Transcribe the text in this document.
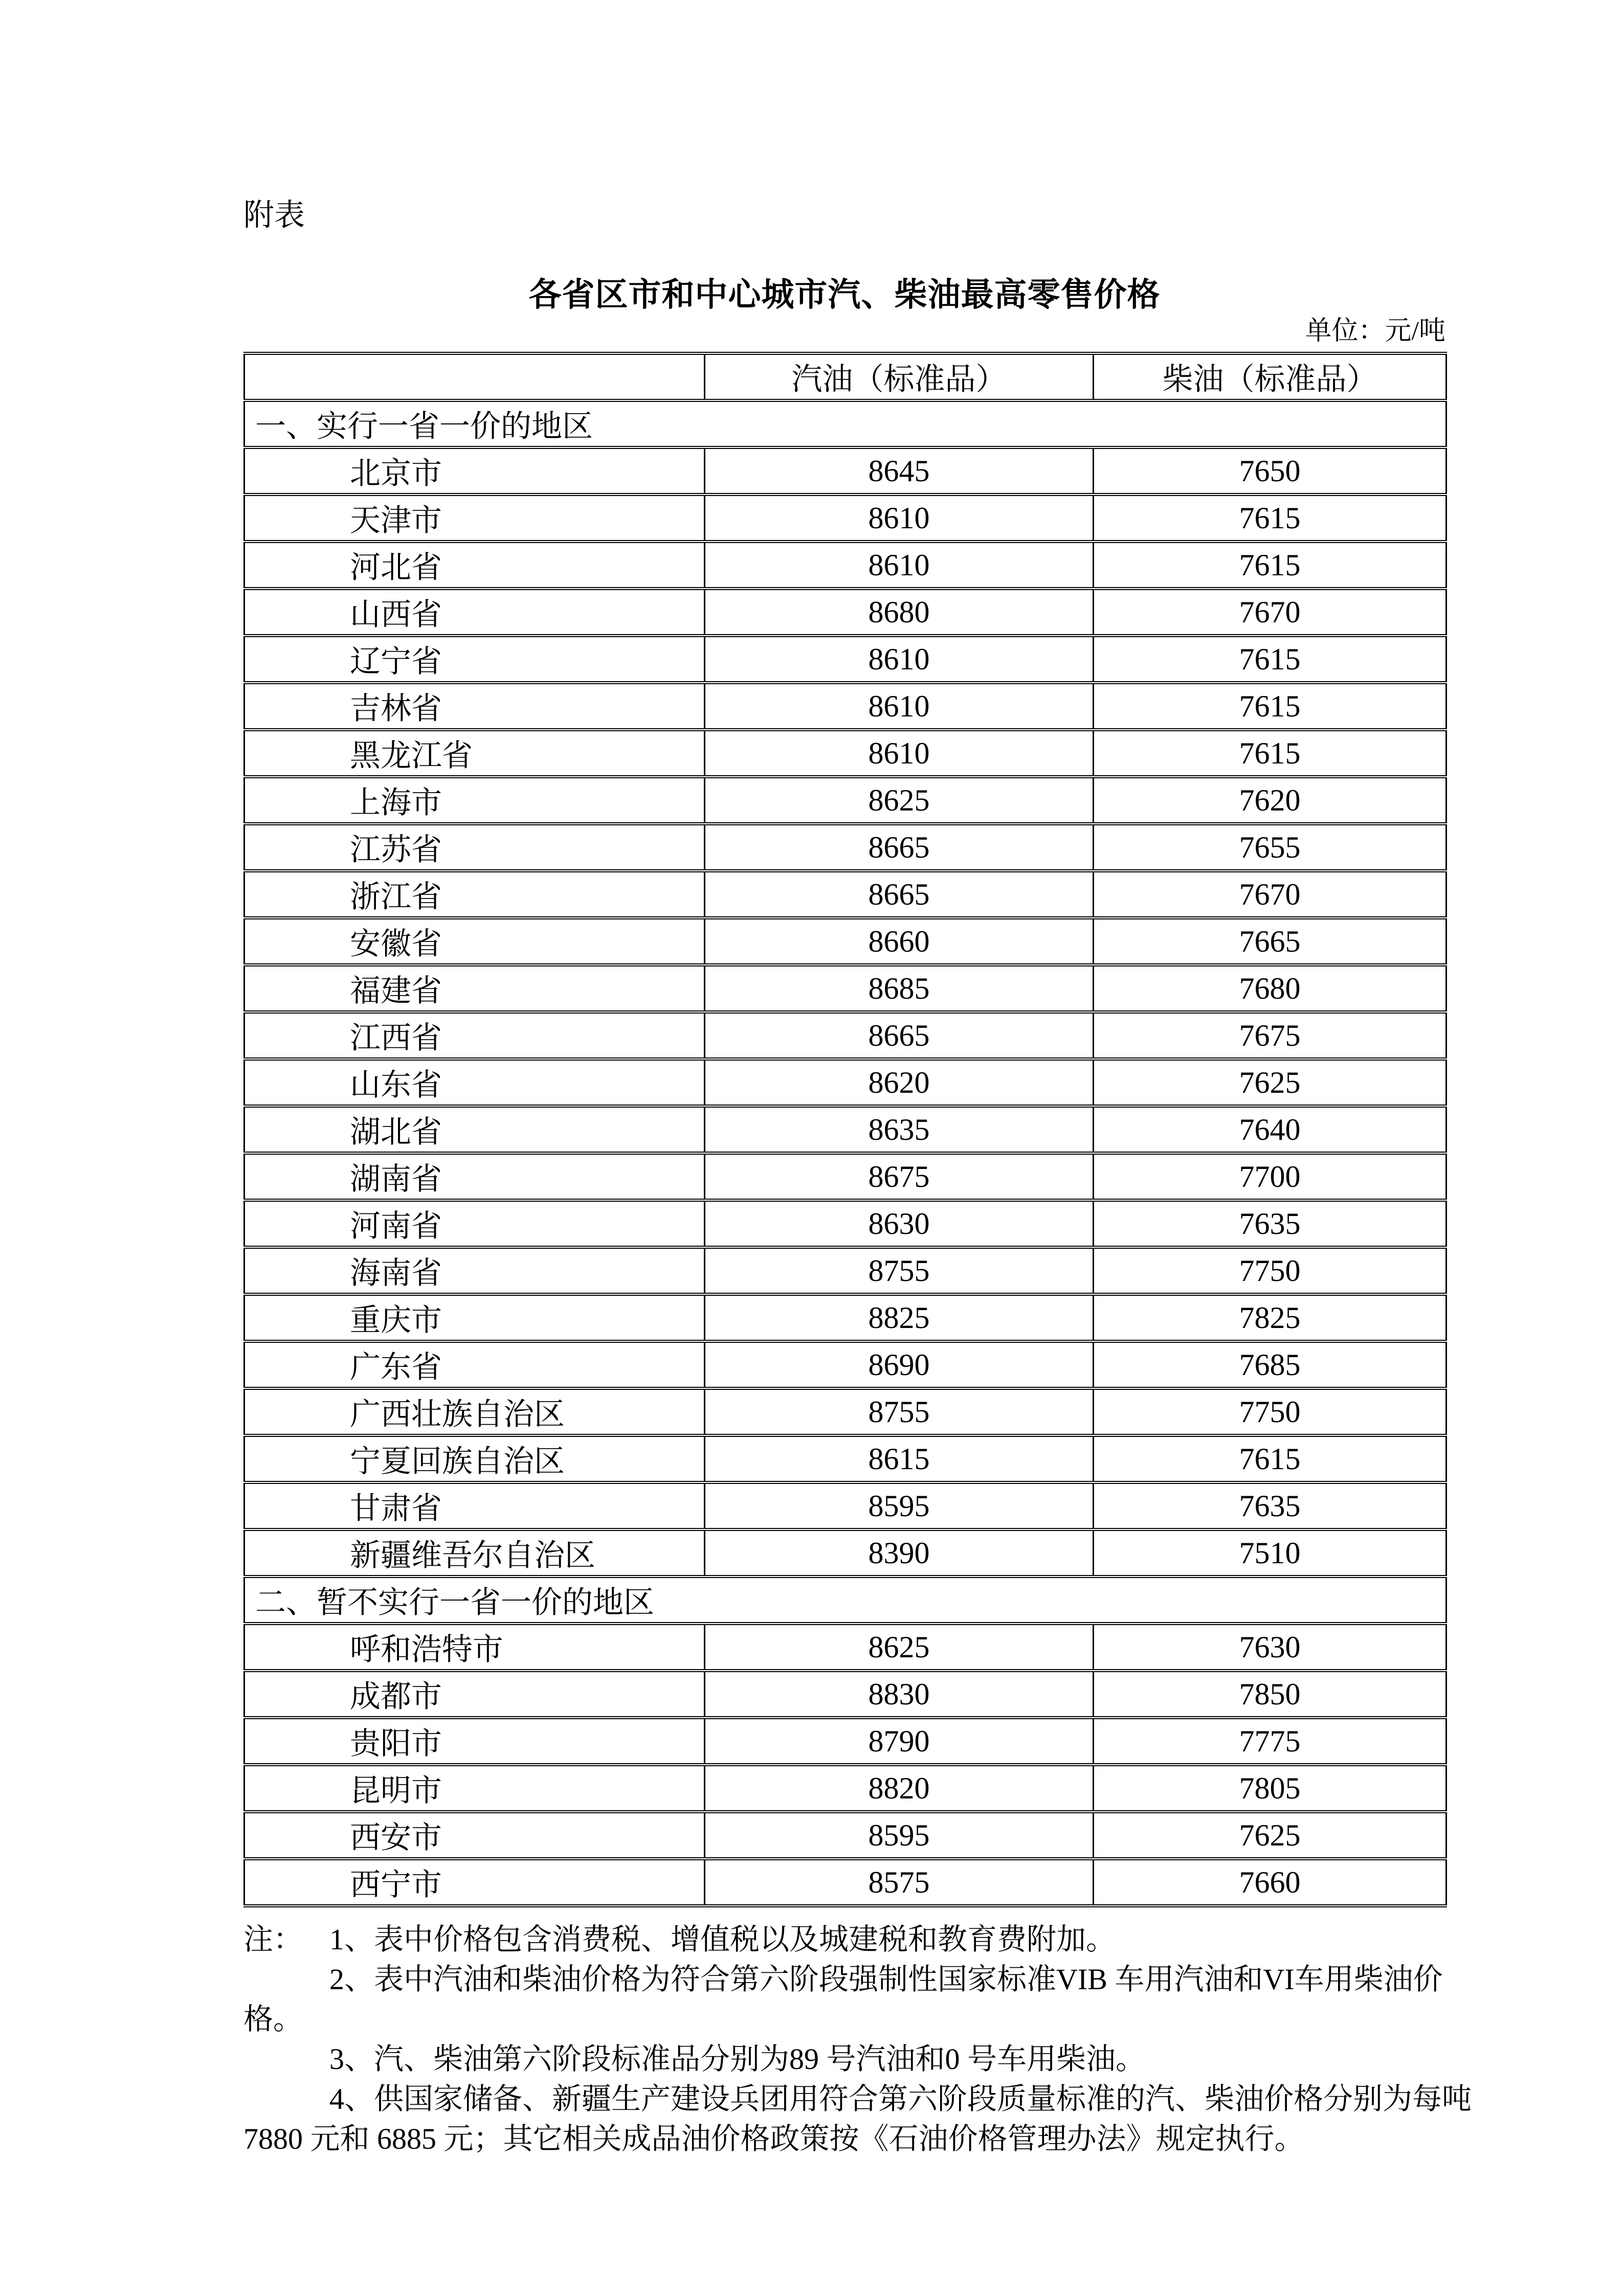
附表
各省区市和中心城市汽、柴油最高零售价格
单位：元/吨
	汽油（标准品）	柴油（标准品）
一、实行一省一价的地区		
北京市	8645	7650
天津市	8610	7615
河北省	8610	7615
山西省	8680	7670
辽宁省	8610	7615
吉林省	8610	7615
黑龙江省	8610	7615
上海市	8625	7620
江苏省	8665	7655
浙江省	8665	7670
安徽省	8660	7665
福建省	8685	7680
江西省	8665	7675
山东省	8620	7625
湖北省	8635	7640
湖南省	8675	7700
河南省	8630	7635
海南省	8755	7750
重庆市	8825	7825
广东省	8690	7685
广西壮族自治区	8755	7750
宁夏回族自治区	8615	7615
甘肃省	8595	7635
新疆维吾尔自治区	8390	7510
二、暂不实行一省一价的地区		
呼和浩特市	8625	7630
成都市	8830	7850
贵阳市	8790	7775
昆明市	8820	7805
西安市	8595	7625
西宁市	8575	7660
注： 1、表中价格包含消费税、增值税以及城建税和教育费附加。
2、表中汽油和柴油价格为符合第六阶段强制性国家标准VIB 车用汽油和VI车用柴油价
格。
3、汽、柴油第六阶段标准品分别为89 号汽油和0 号车用柴油。
4、供国家储备、新疆生产建设兵团用符合第六阶段质量标准的汽、柴油价格分别为每吨
7880 元和 6885 元；其它相关成品油价格政策按《石油价格管理办法》规定执行。
